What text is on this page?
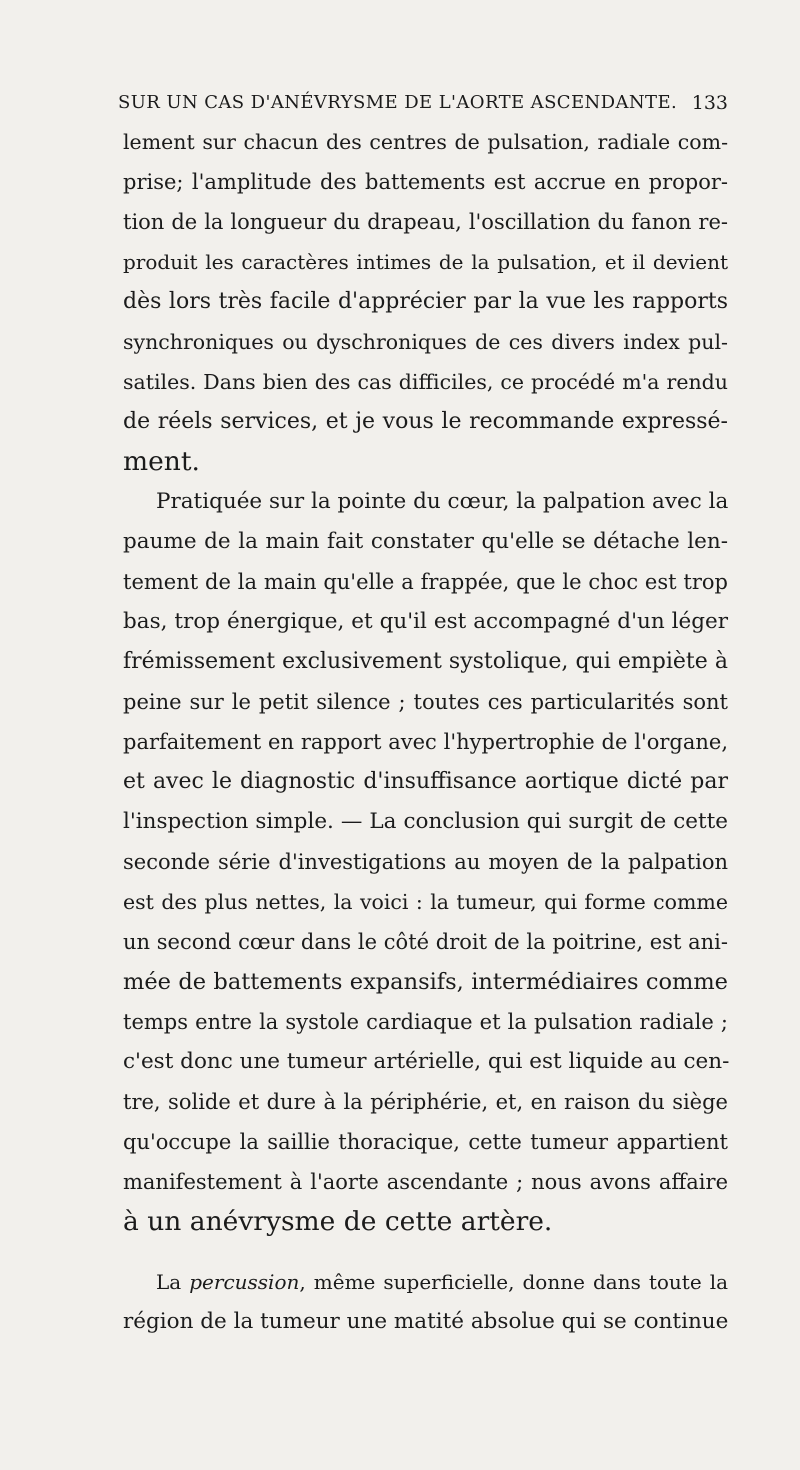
SUR UN CAS D'ANÉVRYSME DE L'AORTE ASCENDANTE. 133
lement sur chacun des centres de pulsation, radiale com-
prise; l'amplitude des battements est accrue en propor-
tion de la longueur du drapeau, l'oscillation du fanon re-
produit les caractères intimes de la pulsation, et il devient
dès lors très facile d'apprécier par la vue les rapports
synchroniques ou dyschroniques de ces divers index pul-
satiles. Dans bien des cas difficiles, ce procédé m'a rendu
de réels services, et je vous le recommande expressé-
ment.
Pratiquée sur la pointe du cœur, la palpation avec la
paume de la main fait constater qu'elle se détache len-
tement de la main qu'elle a frappée, que le choc est trop
bas, trop énergique, et qu'il est accompagné d'un léger
frémissement exclusivement systolique, qui empiète à
peine sur le petit silence ; toutes ces particularités sont
parfaitement en rapport avec l'hypertrophie de l'organe,
et avec le diagnostic d'insuffisance aortique dicté par
l'inspection simple. — La conclusion qui surgit de cette
seconde série d'investigations au moyen de la palpation
est des plus nettes, la voici : la tumeur, qui forme comme
un second cœur dans le côté droit de la poitrine, est ani-
mée de battements expansifs, intermédiaires comme
temps entre la systole cardiaque et la pulsation radiale ;
c'est donc une tumeur artérielle, qui est liquide au cen-
tre, solide et dure à la périphérie, et, en raison du siège
qu'occupe la saillie thoracique, cette tumeur appartient
manifestement à l'aorte ascendante ; nous avons affaire
à un anévrysme de cette artère.
La percussion, même superficielle, donne dans toute la
région de la tumeur une matité absolue qui se continue
